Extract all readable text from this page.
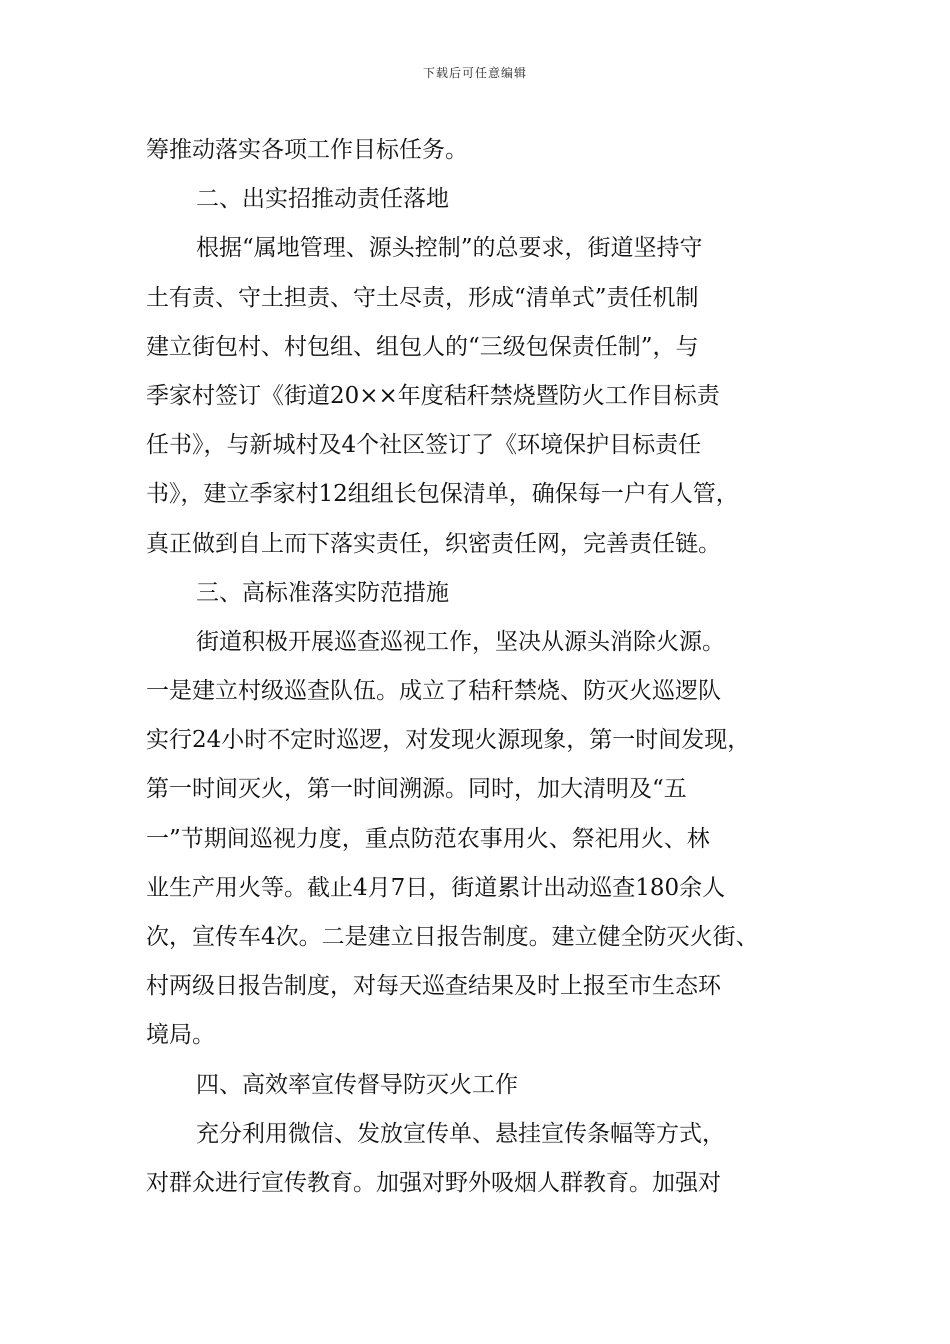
下载后可任意编辑
筹推动落实各项工作目标任务。
二、出实招推动责任落地
根据“属地管理、源头控制”的总要求，街道坚持守
土有责、守土担责、守土尽责，形成“清单式”责任机制
建立街包村、村包组、组包人的“三级包保责任制”，与
季家村签订《街道20××年度秸秆禁烧暨防火工作目标责
任书》，与新城村及4个社区签订了《环境保护目标责任
书》，建立季家村12组组长包保清单，确保每一户有人管，
真正做到自上而下落实责任，织密责任网，完善责任链。
三、高标准落实防范措施
街道积极开展巡查巡视工作，坚决从源头消除火源。
一是建立村级巡查队伍。成立了秸秆禁烧、防灭火巡逻队
实行24小时不定时巡逻，对发现火源现象，第一时间发现，
第一时间灭火，第一时间溯源。同时，加大清明及“五
一”节期间巡视力度，重点防范农事用火、祭祀用火、林
业生产用火等。截止4月7日，街道累计出动巡查180余人
次，宣传车4次。二是建立日报告制度。建立健全防灭火街、
村两级日报告制度，对每天巡查结果及时上报至市生态环
境局。
四、高效率宣传督导防灭火工作
充分利用微信、发放宣传单、悬挂宣传条幅等方式，
对群众进行宣传教育。加强对野外吸烟人群教育。加强对
